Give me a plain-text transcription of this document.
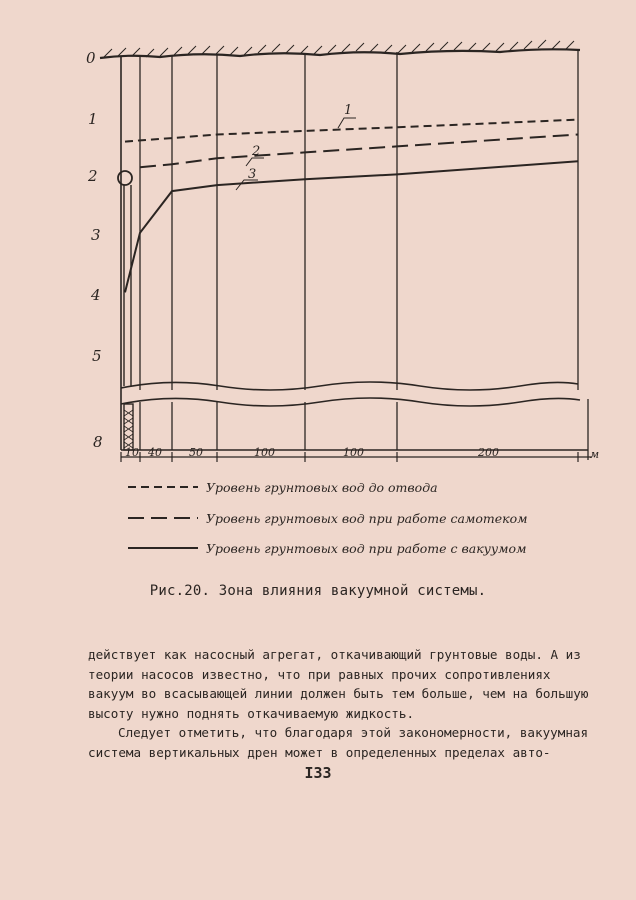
0
1
2
3
4
5
8
10 40 50	100	100	200	м
1
2
3
Уровень грунтовых вод до отвода
Уровень грунтовых вод при работе самотеком
Уровень грунтовых вод при работе с вакуумом
Рис.20. Зона влияния вакуумной системы.

действует как насосный агрегат, откачивающий грунтовые воды. А из теории насосов известно, что при равных прочих сопротивлениях вакуум во всасывающей линии должен быть тем больше, чем на большую высоту нужно поднять откачиваемую жидкость.

Следует отметить, что благодаря этой закономерности, вакуумная система вертикальных дрен может в определенных пределах авто-

I33
